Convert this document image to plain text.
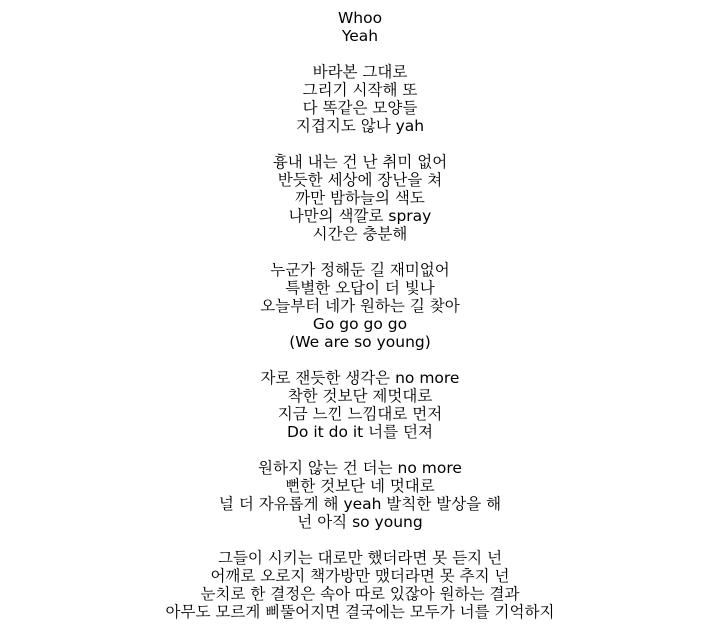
Whoo
Yeah
바라본 그대로
그리기 시작해 또
다 똑같은 모양들
지겹지도 않나 yah
흉내 내는 건 난 취미 없어
반듯한 세상에 장난을 쳐
까만 밤하늘의 색도
나만의 색깔로 spray
시간은 충분해
누군가 정해둔 길 재미없어
특별한 오답이 더 빛나
오늘부터 네가 원하는 길 찾아
Go go go go
(We are so young)
자로 잰듯한 생각은 no more
착한 것보단 제멋대로
지금 느낀 느낌대로 먼저
Do it do it 너를 던져
원하지 않는 건 더는 no more
뻔한 것보단 네 멋대로
널 더 자유롭게 해 yeah 발칙한 발상을 해
넌 아직 so young
그들이 시키는 대로만 했더라면 못 듣지 넌
어깨로 오로지 책가방만 맸더라면 못 추지 넌
눈치로 한 결정은 속아 따로 있잖아 원하는 결과
아무도 모르게 삐뚤어지면 결국에는 모두가 너를 기억하지
